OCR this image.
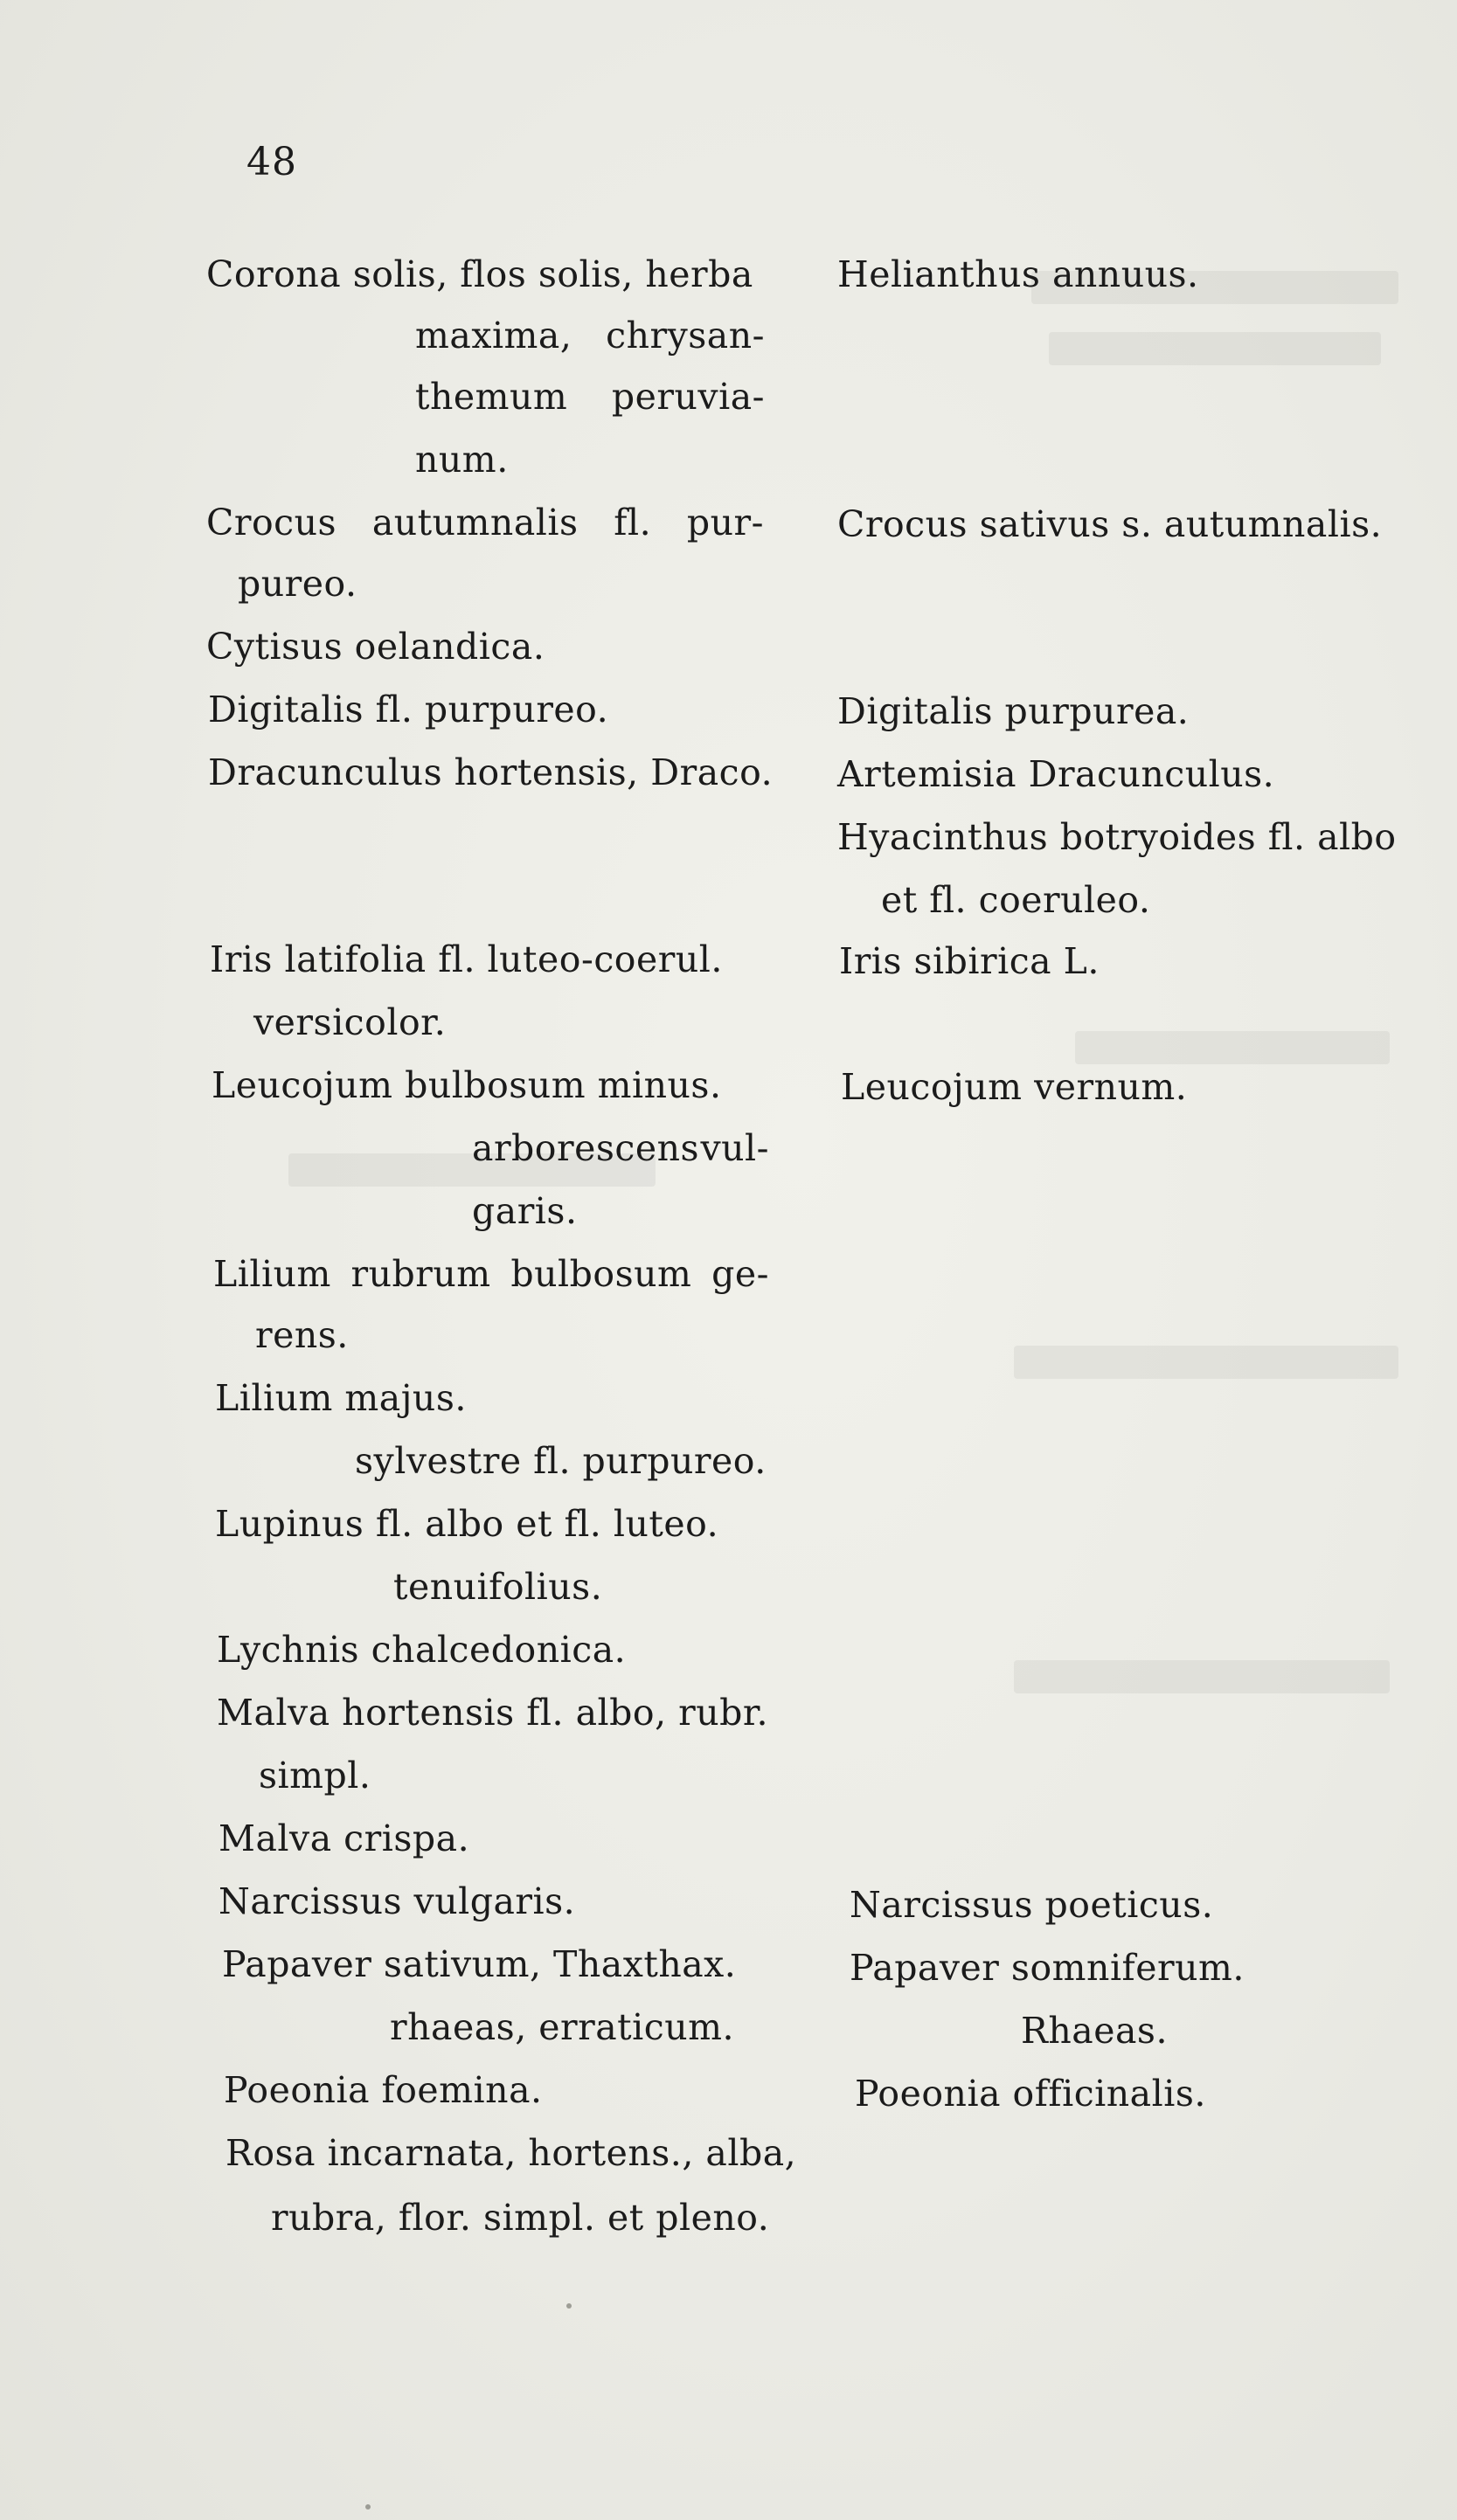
48
Corona solis, flos solis, herba
maxima, chrysan-
themum peruvia-
num.
Crocus autumnalis fl. pur-
pureo.
Cytisus oelandica.
Digitalis fl. purpureo.
Dracunculus hortensis, Draco.
Iris latifolia fl. luteo-coerul.
versicolor.
Leucojum bulbosum minus.
arborescens vul-
garis.
Lilium rubrum bulbosum ge-
rens.
Lilium majus.
sylvestre fl. purpureo.
Lupinus fl. albo et fl. luteo.
tenuifolius.
Lychnis chalcedonica.
Malva hortensis fl. albo, rubr.
simpl.
Malva crispa.
Narcissus vulgaris.
Papaver sativum, Thaxthax.
rhaeas, erraticum.
Poeonia foemina.
Rosa incarnata, hortens., alba,
rubra, flor. simpl. et pleno.
Helianthus annuus.
Crocus sativus s. autumnalis.
Digitalis purpurea.
Artemisia Dracunculus.
Hyacinthus botryoides fl. albo
et fl. coeruleo.
Iris sibirica L.
Leucojum vernum.
Narcissus poeticus.
Papaver somniferum.
Rhaeas.
Poeonia officinalis.
